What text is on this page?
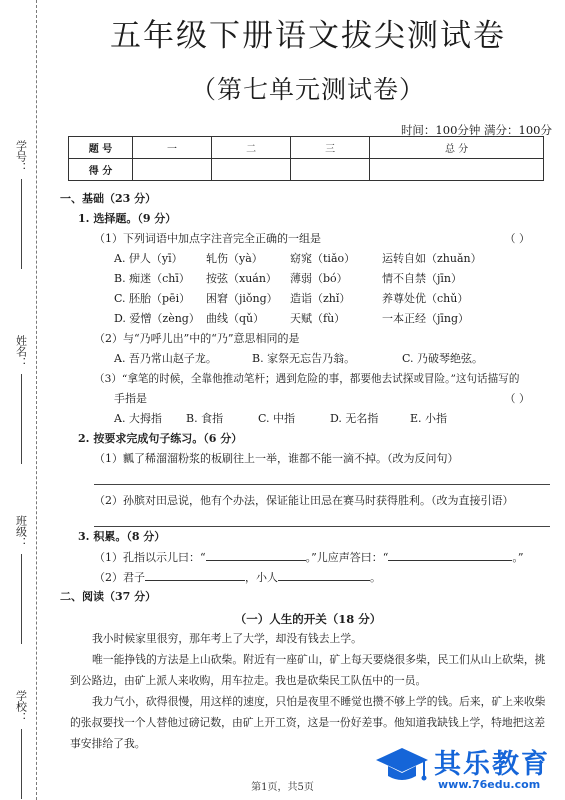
学号：
姓名：
班级：
学校：
五年级下册语文拔尖测试卷
（第七单元测试卷）
时间：100分钟 满分：100分
题 号	一	二	三	总 分
得 分				
一、基础（23 分）
1. 选择题。（9 分）
（1）下列词语中加点字注音完全正确的一组是	（ ）
A. 伊人（yī）	轧伤（yà）	窈窕（tiǎo）	运转自如（zhuǎn）
B. 痴迷（chī）	按弦（xuán）	薄弱（bó）	情不自禁（jīn）
C. 胚胎（pēi）	困窘（jiǒng）	造诣（zhǐ）	养尊处优（chǔ）
D. 爱憎（zèng） 曲线（qǔ）	天赋（fù）	一本正经（jīng）
（2）与“乃呼儿出”中的“乃”意思相同的是
A. 吾乃常山赵子龙。	B. 家祭无忘告乃翁。	C. 乃破琴绝弦。
（3）“拿笔的时候，全靠他推动笔杆；遇到危险的事，都要他去试探或冒险。”这句话描写的
手指是	（ ）
A. 大拇指	B. 食指	C. 中指	D. 无名指	E. 小指
2. 按要求完成句子练习。（6 分）
（1）瓤了稀溜溜粉浆的板刷往上一举，谁都不能一滴不掉。（改为反问句）
（2）孙膑对田忌说，他有个办法，保证能让田忌在赛马时获得胜利。（改为直接引语）
3. 积累。（8 分）
（1）孔指以示儿曰：“	。”儿应声答曰：“	。”
（2）君子	，小人	。
二、阅读（37 分）
（一）人生的开关（18 分）
我小时候家里很穷，那年考上了大学，却没有钱去上学。
唯一能挣钱的方法是上山砍柴。附近有一座矿山，矿上每天要烧很多柴，民工们从山上砍柴，挑到公路边，由矿上派人来收购，用车拉走。我也是砍柴民工队伍中的一员。
我力气小，砍得很慢，用这样的速度，只怕是夜里不睡觉也攒不够上学的钱。后来，矿上来收柴的张叔要找一个人替他过磅记数，由矿上开工资，这是一份好差事。他知道我缺钱上学，特地把这差事安排给了我。
其乐教育
www.76edu.com
第1页，共5页
